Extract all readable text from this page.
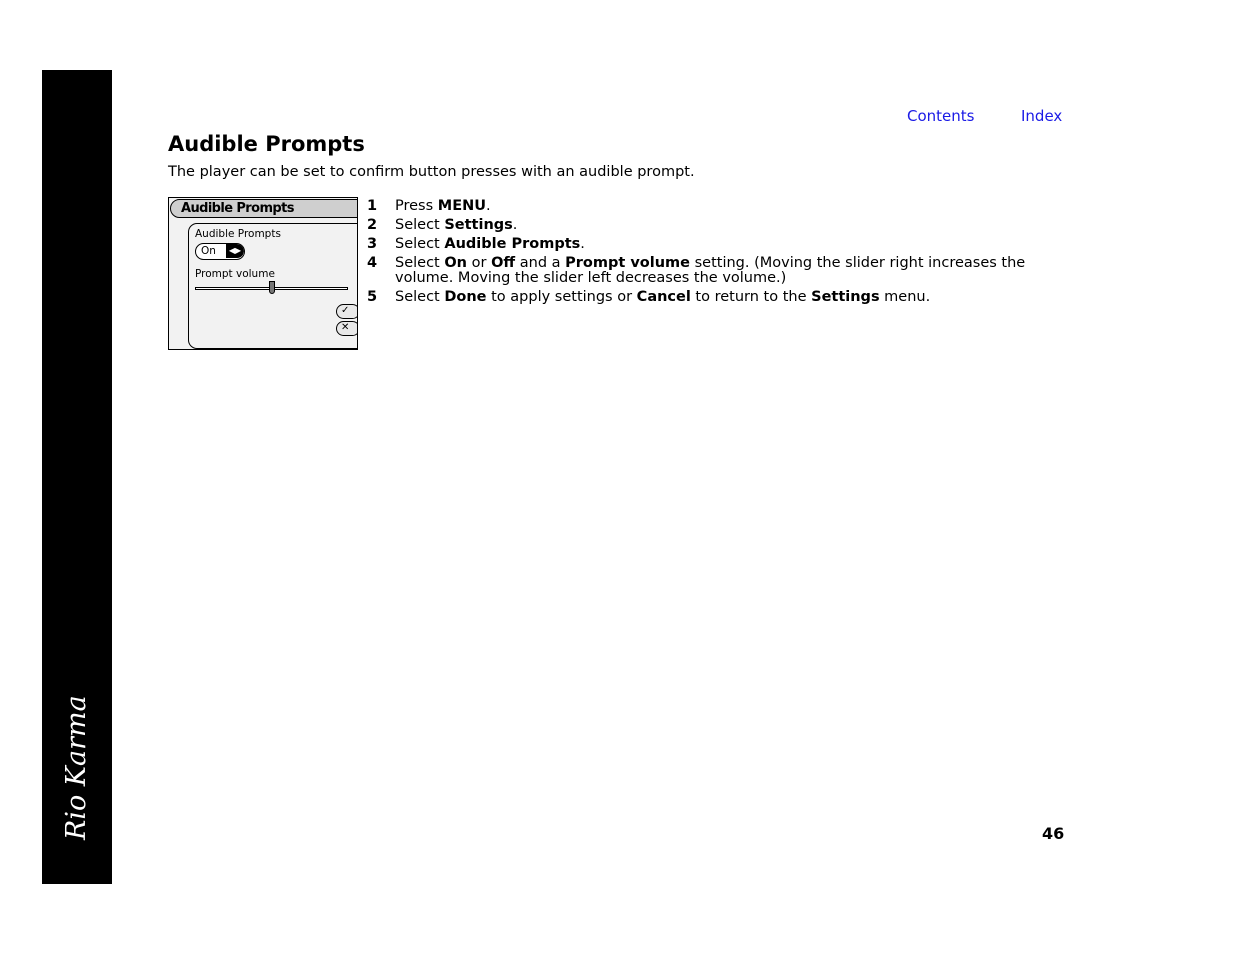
Rio Karma
Contents	Index
Audible Prompts

The player can be set to confirm button presses with an audible prompt.

Audible Prompts
Audible Prompts
On	◀▶
Prompt volume
✓
✕
1 Press MENU.
2 Select Settings.
3 Select Audible Prompts.
4 Select On or Off and a Prompt volume setting. (Moving the slider right increases the volume. Moving the slider left decreases the volume.)
5 Select Done to apply settings or Cancel to return to the Settings menu.
46
